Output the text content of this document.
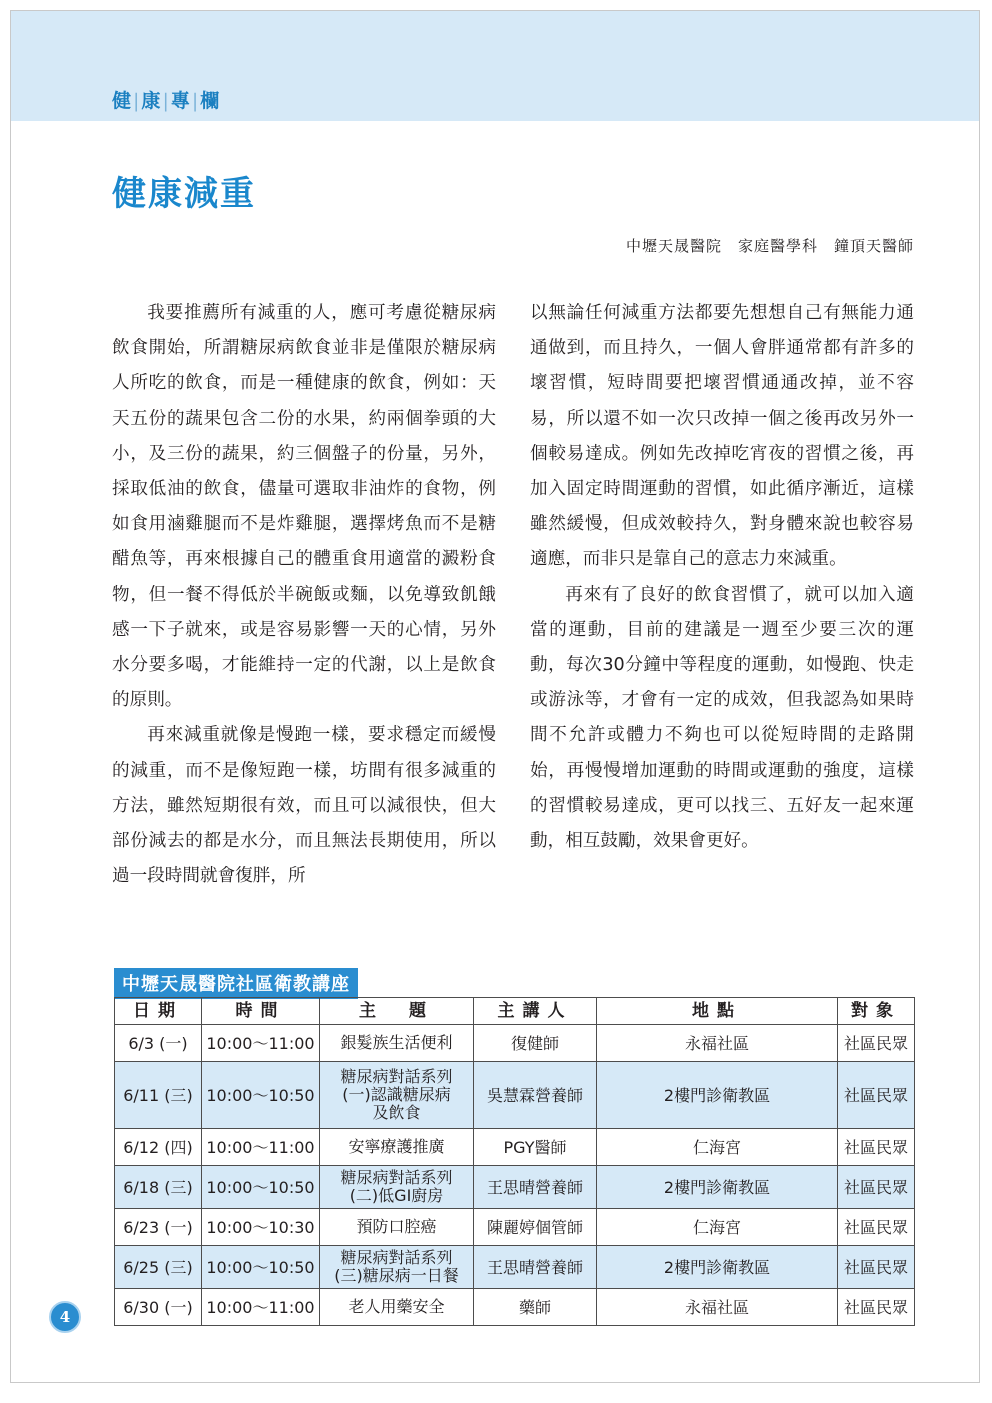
健|康|專|欄
健康減重
中壢天晟醫院　家庭醫學科　鐘頂天醫師

我要推薦所有減重的人，應可考慮從糖尿病飲食開始，所謂糖尿病飲食並非是僅限於糖尿病人所吃的飲食，而是一種健康的飲食，例如：天天五份的蔬果包含二份的水果，約兩個拳頭的大小，及三份的蔬果，約三個盤子的份量，另外，採取低油的飲食，儘量可選取非油炸的食物，例如食用滷雞腿而不是炸雞腿，選擇烤魚而不是糖醋魚等，再來根據自己的體重食用適當的澱粉食物，但一餐不得低於半碗飯或麵，以免導致飢餓感一下子就來，或是容易影響一天的心情，另外水分要多喝，才能維持一定的代謝，以上是飲食的原則。

再來減重就像是慢跑一樣，要求穩定而緩慢的減重，而不是像短跑一樣，坊間有很多減重的方法，雖然短期很有效，而且可以減很快，但大部份減去的都是水分，而且無法長期使用，所以過一段時間就會復胖，所

以無論任何減重方法都要先想想自己有無能力通通做到，而且持久，一個人會胖通常都有許多的壞習慣，短時間要把壞習慣通通改掉，並不容易，所以還不如一次只改掉一個之後再改另外一個較易達成。例如先改掉吃宵夜的習慣之後，再加入固定時間運動的習慣，如此循序漸近，這樣雖然緩慢，但成效較持久，對身體來說也較容易適應，而非只是靠自己的意志力來減重。

再來有了良好的飲食習慣了，就可以加入適當的運動，目前的建議是一週至少要三次的運動，每次30分鐘中等程度的運動，如慢跑、快走或游泳等，才會有一定的成效，但我認為如果時間不允許或體力不夠也可以從短時間的走路開始，再慢慢增加運動的時間或運動的強度，這樣的習慣較易達成，更可以找三、五好友一起來運動，相互鼓勵，效果會更好。

中壢天晟醫院社區衛教講座
日期	時間	主　題	主講人	地點	對象
6/3 (一)	10:00～11:00	銀髮族生活便利	復健師	永福社區	社區民眾
6/11 (三)	10:00～10:50	糖尿病對話系列
(一)認識糖尿病
及飲食	吳慧霖營養師	2樓門診衛教區	社區民眾
6/12 (四)	10:00～11:00	安寧療護推廣	PGY醫師	仁海宮	社區民眾
6/18 (三)	10:00～10:50	糖尿病對話系列
(二)低GI廚房	王思晴營養師	2樓門診衛教區	社區民眾
6/23 (一)	10:00～10:30	預防口腔癌	陳麗婷個管師	仁海宮	社區民眾
6/25 (三)	10:00～10:50	糖尿病對話系列
(三)糖尿病一日餐	王思晴營養師	2樓門診衛教區	社區民眾
6/30 (一)	10:00～11:00	老人用藥安全	藥師	永福社區	社區民眾
4
